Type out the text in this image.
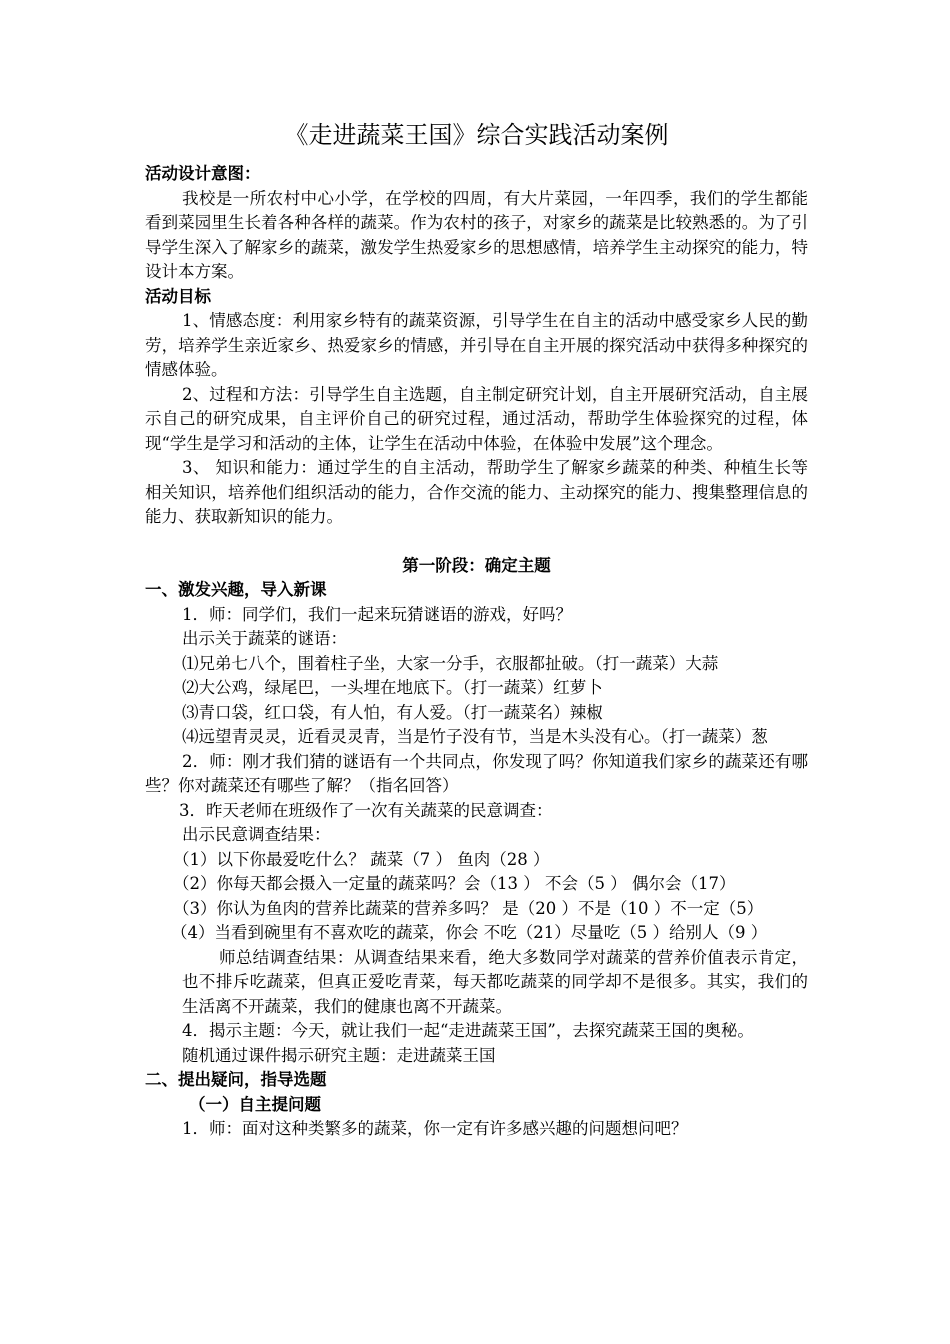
《走进蔬菜王国》综合实践活动案例

活动设计意图：

我校是一所农村中心小学，在学校的四周，有大片菜园，一年四季，我们的学生都能看到菜园里生长着各种各样的蔬菜。作为农村的孩子，对家乡的蔬菜是比较熟悉的。为了引导学生深入了解家乡的蔬菜，激发学生热爱家乡的思想感情，培养学生主动探究的能力，特设计本方案。

活动目标

1、情感态度：利用家乡特有的蔬菜资源，引导学生在自主的活动中感受家乡人民的勤劳，培养学生亲近家乡、热爱家乡的情感，并引导在自主开展的探究活动中获得多种探究的情感体验。

2、过程和方法：引导学生自主选题，自主制定研究计划，自主开展研究活动，自主展示自己的研究成果，自主评价自己的研究过程，通过活动，帮助学生体验探究的过程，体现“学生是学习和活动的主体，让学生在活动中体验，在体验中发展”这个理念。

3、 知识和能力：通过学生的自主活动，帮助学生了解家乡蔬菜的种类、种植生长等相关知识，培养他们组织活动的能力，合作交流的能力、主动探究的能力、搜集整理信息的能力、获取新知识的能力。

第一阶段：确定主题

一、激发兴趣，导入新课

1．师：同学们，我们一起来玩猜谜语的游戏，好吗？

出示关于蔬菜的谜语：

⑴兄弟七八个，围着柱子坐，大家一分手，衣服都扯破。（打一蔬菜）大蒜

⑵大公鸡，绿尾巴，一头埋在地底下。（打一蔬菜）红萝卜

⑶青口袋，红口袋，有人怕，有人爱。（打一蔬菜名）辣椒

⑷远望青灵灵，近看灵灵青，当是竹子没有节，当是木头没有心。（打一蔬菜）葱

2．师：刚才我们猜的谜语有一个共同点，你发现了吗？你知道我们家乡的蔬菜还有哪些？你对蔬菜还有哪些了解？（指名回答）

3．昨天老师在班级作了一次有关蔬菜的民意调查：

出示民意调查结果：

（1）以下你最爱吃什么？ 蔬菜（7 ） 鱼肉（28 ）

（2）你每天都会摄入一定量的蔬菜吗？会（13 ） 不会（5 ） 偶尔会（17）

（3）你认为鱼肉的营养比蔬菜的营养多吗？ 是（20 ）不是（10 ）不一定（5）

（4）当看到碗里有不喜欢吃的蔬菜，你会 不吃（21）尽量吃（5 ）给别人（9 ）

师总结调查结果：从调查结果来看，绝大多数同学对蔬菜的营养价值表示肯定，也不排斥吃蔬菜，但真正爱吃青菜，每天都吃蔬菜的同学却不是很多。其实，我们的生活离不开蔬菜，我们的健康也离不开蔬菜。

4．揭示主题：今天，就让我们一起“走进蔬菜王国”，去探究蔬菜王国的奥秘。

随机通过课件揭示研究主题：走进蔬菜王国

二、提出疑问，指导选题

（一）自主提问题

1．师：面对这种类繁多的蔬菜，你一定有许多感兴趣的问题想问吧？
